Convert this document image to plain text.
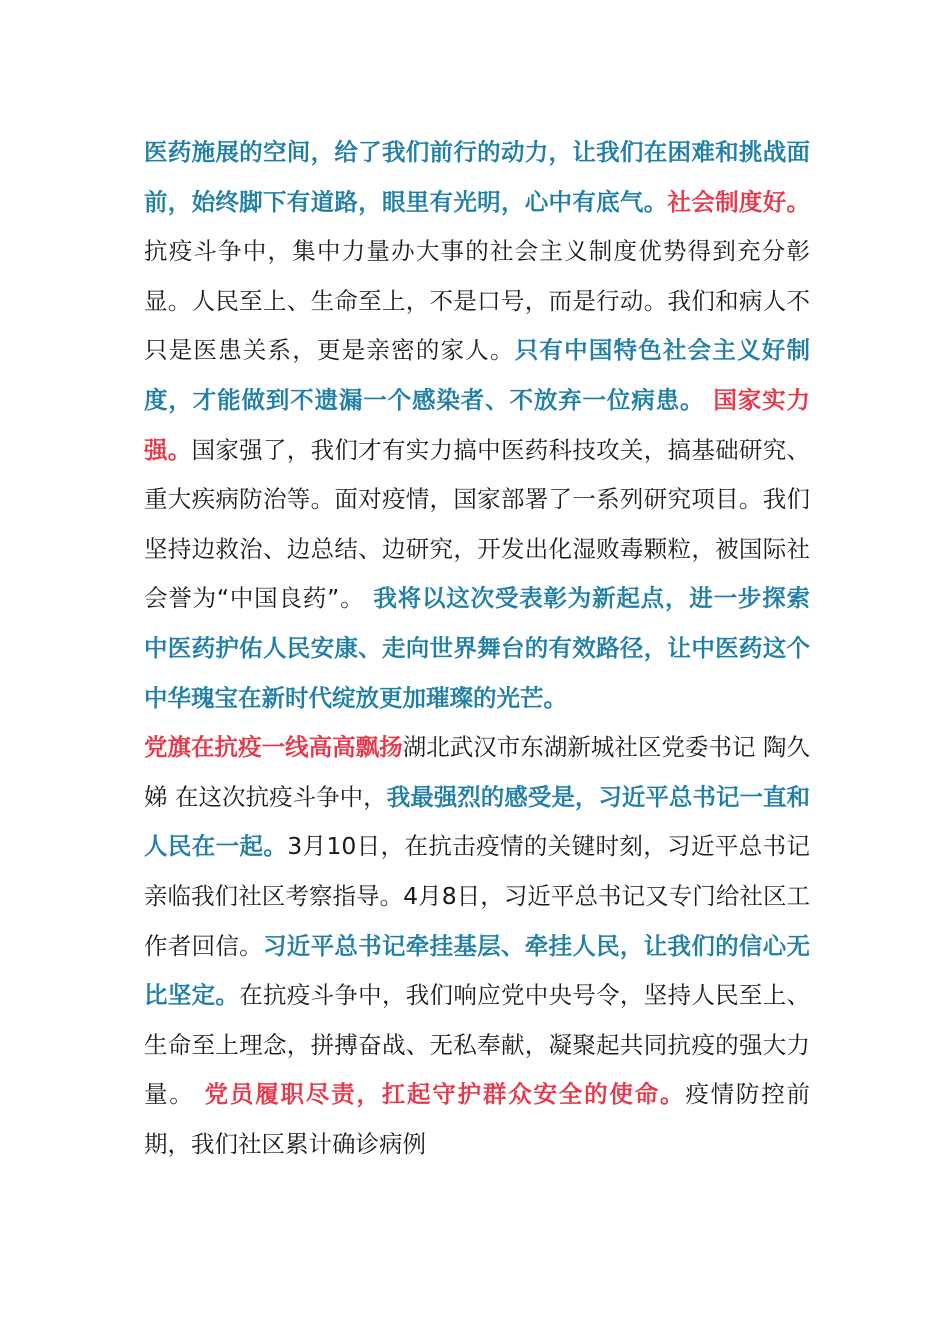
医药施展的空间，给了我们前行的动力，让我们在困难和挑战面前，始终脚下有道路，眼里有光明，心中有底气。社会制度好。抗疫斗争中，集中力量办大事的社会主义制度优势得到充分彰显。人民至上、生命至上，不是口号，而是行动。我们和病人不只是医患关系，更是亲密的家人。只有中国特色社会主义好制度，才能做到不遗漏一个感染者、不放弃一位病患。 国家实力强。国家强了，我们才有实力搞中医药科技攻关，搞基础研究、重大疾病防治等。面对疫情，国家部署了一系列研究项目。我们坚持边救治、边总结、边研究，开发出化湿败毒颗粒，被国际社会誉为“中国良药”。 我将以这次受表彰为新起点，进一步探索中医药护佑人民安康、走向世界舞台的有效路径，让中医药这个中华瑰宝在新时代绽放更加璀璨的光芒。

党旗在抗疫一线高高飘扬湖北武汉市东湖新城社区党委书记 陶久娣 在这次抗疫斗争中，我最强烈的感受是，习近平总书记一直和人民在一起。3月10日，在抗击疫情的关键时刻，习近平总书记亲临我们社区考察指导。4月8日，习近平总书记又专门给社区工作者回信。习近平总书记牵挂基层、牵挂人民，让我们的信心无比坚定。在抗疫斗争中，我们响应党中央号令，坚持人民至上、生命至上理念，拼搏奋战、无私奉献，凝聚起共同抗疫的强大力量。 党员履职尽责，扛起守护群众安全的使命。疫情防控前期，我们社区累计确诊病例
